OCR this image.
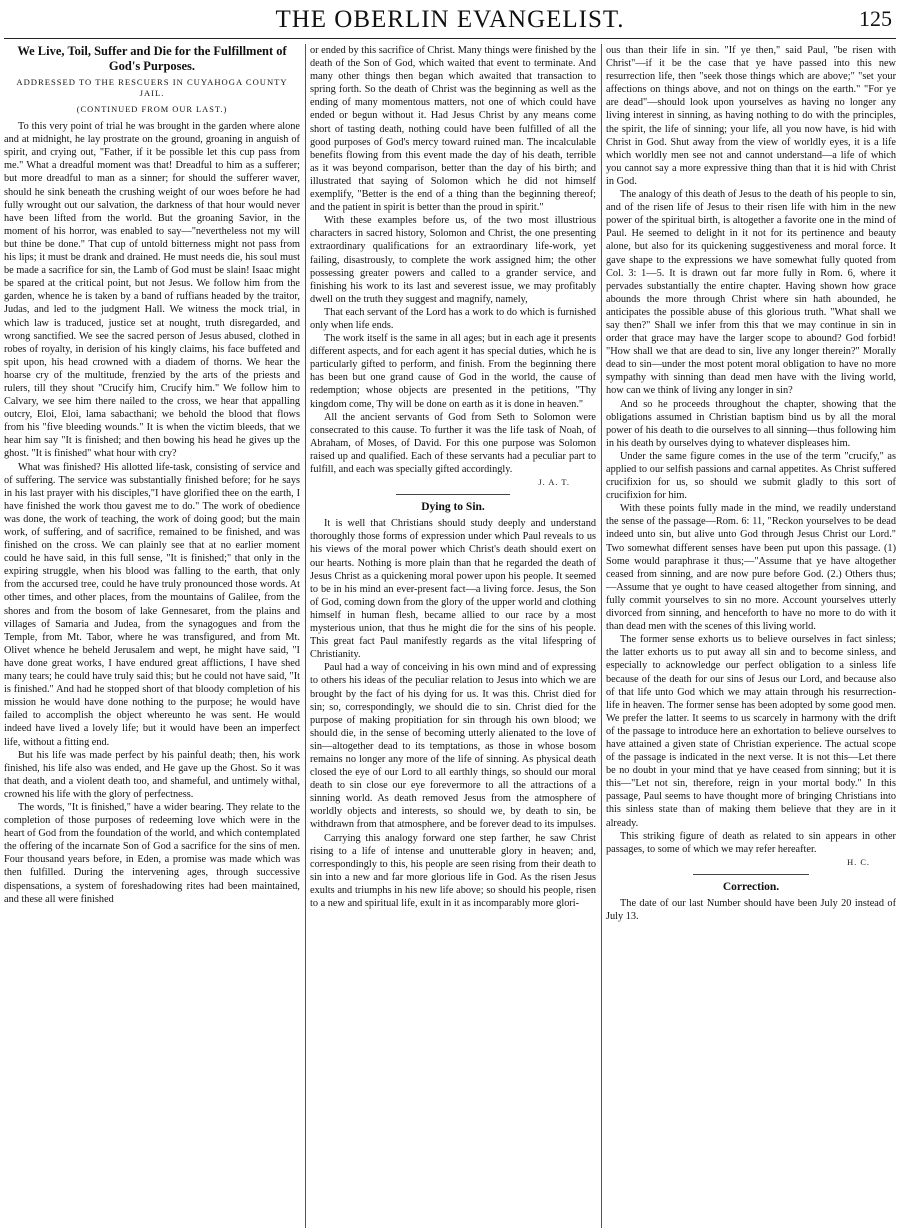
THE OBERLIN EVANGELIST.	125
We Live, Toil, Suffer and Die for the Fulfillment of God's Purposes.
ADDRESSED TO THE RESCUERS IN CUYAHOGA COUNTY JAIL.
(CONTINUED FROM OUR LAST.)

To this very point of trial he was brought in the garden where alone and at midnight, he lay prostrate on the ground, groaning in anguish of spirit, and crying out, "Father, if it be possible let this cup pass from me." What a dreadful moment was that! Dreadful to him as a sufferer; but more dreadful to man as a sinner; for should the sufferer waver, should he sink beneath the crushing weight of our woes before he had fully wrought out our salvation, the darkness of that hour would never have been lifted from the world. But the groaning Savior, in the moment of his horror, was enabled to say—"nevertheless not my will but thine be done." That cup of untold bitterness might not pass from his lips; it must be drank and drained. He must needs die, his soul must be made a sacrifice for sin, the Lamb of God must be slain! Isaac might be spared at the critical point, but not Jesus. We follow him from the garden, whence he is taken by a band of ruffians headed by the traitor, Judas, and led to the judgment Hall. We witness the mock trial, in which law is traduced, justice set at nought, truth disregarded, and wrong sanctified. We see the sacred person of Jesus abused, clothed in robes of royalty, in derision of his kingly claims, his face buffeted and spit upon, his head crowned with a diadem of thorns. We hear the hoarse cry of the multitude, frenzied by the arts of the priests and rulers, till they shout "Crucify him, Crucify him." We follow him to Calvary, we see him there nailed to the cross, we hear that appalling outcry, Eloi, Eloi, lama sabacthani; we behold the blood that flows from his "five bleeding wounds." It is when the victim bleeds, that we hear him say "It is finished; and then bowing his head he gives up the ghost. "It is finished" what hour with cry?

What was finished? His allotted life-task, consisting of service and of suffering. The service was substantially finished before; for he says in his last prayer with his disciples,"I have glorified thee on the earth, I have finished the work thou gavest me to do." The work of obedience was done, the work of teaching, the work of doing good; but the main work, of suffering, and of sacrifice, remained to be finished, and was finished on the cross. We can plainly see that at no earlier moment could he have said, in this full sense, "It is finished;" that only in the expiring struggle, when his blood was falling to the earth, that only from the accursed tree, could he have truly pronounced those words. At other times, and other places, from the mountains of Galilee, from the shores and from the bosom of lake Gennesaret, from the plains and villages of Samaria and Judea, from the synagogues and from the Temple, from Mt. Tabor, where he was transfigured, and from Mt. Olivet whence he beheld Jerusalem and wept, he might have said, "I have done great works, I have endured great afflictions, I have shed many tears; he could have truly said this; but he could not have said, "It is finished." And had he stopped short of that bloody completion of his mission he would have done nothing to the purpose; he would have failed to accomplish the object whereunto he was sent. He would indeed have lived a lovely life; but it would have been an imperfect life, without a fitting end.

But his life was made perfect by his painful death; then, his work finished, his life also was ended, and He gave up the Ghost. So it was that death, and a violent death too, and shameful, and untimely withal, crowned his life with the glory of perfectness.

The words, "It is finished," have a wider bearing. They relate to the completion of those purposes of redeeming love which were in the heart of God from the foundation of the world, and which contemplated the offering of the incarnate Son of God a sacrifice for the sins of men. Four thousand years before, in Eden, a promise was made which was then fulfilled. During the intervening ages, through successive dispensations, a system of foreshadowing rites had been maintained, and these all were finished

or ended by this sacrifice of Christ. Many things were finished by the death of the Son of God, which waited that event to terminate. And many other things then began which awaited that transaction to spring forth. So the death of Christ was the beginning as well as the ending of many momentous matters, not one of which could have ended or begun without it. Had Jesus Christ by any means come short of tasting death, nothing could have been fulfilled of all the good purposes of God's mercy toward ruined man. The incalculable benefits flowing from this event made the day of his death, terrible as it was beyond comparison, better than the day of his birth; and illustrated that saying of Solomon which he did not himself exemplify, "Better is the end of a thing than the beginning thereof; and the patient in spirit is better than the proud in spirit."

With these examples before us, of the two most illustrious characters in sacred history, Solomon and Christ, the one presenting extraordinary qualifications for an extraordinary life-work, yet failing, disastrously, to complete the work assigned him; the other possessing greater powers and called to a grander service, and finishing his work to its last and severest issue, we may profitably dwell on the truth they suggest and magnify, namely,

That each servant of the Lord has a work to do which is furnished only when life ends.

The work itself is the same in all ages; but in each age it presents different aspects, and for each agent it has special duties, which he is particularly gifted to perform, and finish. From the beginning there has been but one grand cause of God in the world, the cause of redemption; whose objects are presented in the petitions, "Thy kingdom come, Thy will be done on earth as it is done in heaven."

All the ancient servants of God from Seth to Solomon were consecrated to this cause. To further it was the life task of Noah, of Abraham, of Moses, of David. For this one purpose was Solomon raised up and qualified. Each of these servants had a peculiar part to fulfill, and each was specially gifted accordingly.

J. A. T.
Dying to Sin.

It is well that Christians should study deeply and understand thoroughly those forms of expression under which Paul reveals to us his views of the moral power which Christ's death should exert on our hearts. Nothing is more plain than that he regarded the death of Jesus Christ as a quickening moral power upon his people. It seemed to be in his mind an ever-present fact—a living force. Jesus, the Son of God, coming down from the glory of the upper world and clothing himself in human flesh, became allied to our race by a most mysterious union, that thus he might die for the sins of his people. This great fact Paul manifestly regards as the vital lifespring of Christianity.

Paul had a way of conceiving in his own mind and of expressing to others his ideas of the peculiar relation to Jesus into which we are brought by the fact of his dying for us. It was this. Christ died for sin; so, correspondingly, we should die to sin. Christ died for the purpose of making propitiation for sin through his own blood; we should die, in the sense of becoming utterly alienated to the love of sin—altogether dead to its temptations, as those in whose bosom remains no longer any more of the life of sinning. As physical death closed the eye of our Lord to all earthly things, so should our moral death to sin close our eye forevermore to all the attractions of a sinning world. As death removed Jesus from the atmosphere of worldly objects and interests, so should we, by death to sin, be withdrawn from that atmosphere, and be forever dead to its impulses.

Carrying this analogy forward one step farther, he saw Christ rising to a life of intense and unutterable glory in heaven; and, correspondingly to this, his people are seen rising from their death to sin into a new and far more glorious life in God. As the risen Jesus exults and triumphs in his new life above; so should his people, risen to a new and spiritual life, exult in it as incomparably more glori-

ous than their life in sin. "If ye then," said Paul, "be risen with Christ"—if it be the case that ye have passed into this new resurrection life, then "seek those things which are above;" "set your affections on things above, and not on things on the earth." "For ye are dead"—should look upon yourselves as having no longer any living interest in sinning, as having nothing to do with the principles, the spirit, the life of sinning; your life, all you now have, is hid with Christ in God. Shut away from the view of worldly eyes, it is a life which worldly men see not and cannot understand—a life of which you cannot say a more expressive thing than that it is hid with Christ in God.

The analogy of this death of Jesus to the death of his people to sin, and of the risen life of Jesus to their risen life with him in the new power of the spiritual birth, is altogether a favorite one in the mind of Paul. He seemed to delight in it not for its pertinence and beauty alone, but also for its quickening suggestiveness and moral force. It gave shape to the expressions we have somewhat fully quoted from Col. 3: 1—5. It is drawn out far more fully in Rom. 6, where it pervades substantially the entire chapter. Having shown how grace abounds the more through Christ where sin hath abounded, he anticipates the possible abuse of this glorious truth. "What shall we say then?" Shall we infer from this that we may continue in sin in order that grace may have the larger scope to abound? God forbid! "How shall we that are dead to sin, live any longer therein?" Morally dead to sin—under the most potent moral obligation to have no more sympathy with sinning than dead men have with the living world, how can we think of living any longer in sin?

And so he proceeds throughout the chapter, showing that the obligations assumed in Christian baptism bind us by all the moral power of his death to die ourselves to all sinning—thus following him in his death by ourselves dying to whatever displeases him.

Under the same figure comes in the use of the term "crucify," as applied to our selfish passions and carnal appetites. As Christ suffered crucifixion for us, so should we submit gladly to this sort of crucifixion for him.

With these points fully made in the mind, we readily understand the sense of the passage—Rom. 6: 11, "Reckon yourselves to be dead indeed unto sin, but alive unto God through Jesus Christ our Lord." Two somewhat different senses have been put upon this passage. (1) Some would paraphrase it thus;—"Assume that ye have altogether ceased from sinning, and are now pure before God. (2.) Others thus;—Assume that ye ought to have ceased altogether from sinning, and fully commit yourselves to sin no more. Account yourselves utterly divorced from sinning, and henceforth to have no more to do with it than dead men with the scenes of this living world.

The former sense exhorts us to believe ourselves in fact sinless; the latter exhorts us to put away all sin and to become sinless, and especially to acknowledge our perfect obligation to a sinless life because of the death for our sins of Jesus our Lord, and because also of that life unto God which we may attain through his resurrection-life in heaven. The former sense has been adopted by some good men. We prefer the latter. It seems to us scarcely in harmony with the drift of the passage to introduce here an exhortation to believe ourselves to have attained a given state of Christian experience. The actual scope of the passage is indicated in the next verse. It is not this—Let there be no doubt in your mind that ye have ceased from sinning; but it is this—"Let not sin, therefore, reign in your mortal body." In this passage, Paul seems to have thought more of bringing Christians into this sinless state than of making them believe that they are in it already.

This striking figure of death as related to sin appears in other passages, to some of which we may refer hereafter.

H. C.
Correction.

The date of our last Number should have been July 20 instead of July 13.
